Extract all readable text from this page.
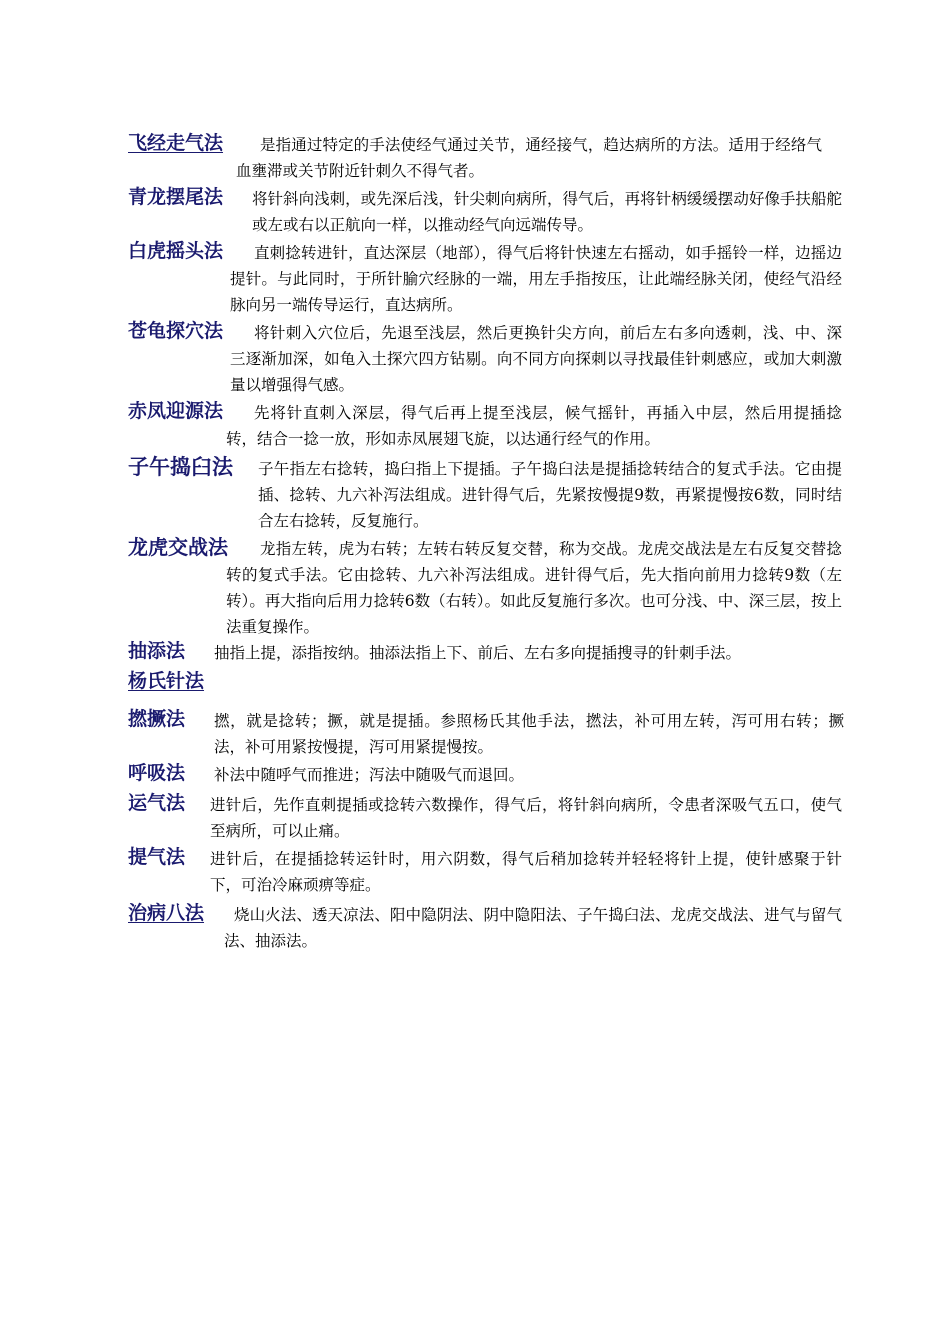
飞经走气法	是指通过特定的手法使经气通过关节，通经接气，趋达病所的方法。适用于经络气血壅滞或关节附近针刺久不得气者。
青龙摆尾法 将针斜向浅刺，或先深后浅，针尖刺向病所，得气后，再将针柄缓缓摆动好像手扶船舵或左或右以正航向一样，以推动经气向远端传导。
白虎摇头法	直刺捻转进针，直达深层（地部），得气后将针快速左右摇动，如手摇铃一样，边摇边提针。与此同时，于所针腧穴经脉的一端，用左手指按压，让此端经脉关闭，使经气沿经脉向另一端传导运行，直达病所。
苍龟探穴法	将针刺入穴位后，先退至浅层，然后更换针尖方向，前后左右多向透刺，浅、中、深三逐渐加深，如龟入土探穴四方钻剔。向不同方向探刺以寻找最佳针刺感应，或加大刺激量以增强得气感。
赤凤迎源法	先将针直刺入深层，得气后再上提至浅层，候气摇针，再插入中层，然后用提插捻转，结合一捻一放，形如赤凤展翅飞旋，以达通行经气的作用。
子午捣臼法 子午指左右捻转，捣臼指上下提插。子午捣臼法是提插捻转结合的复式手法。它由提插、捻转、九六补泻法组成。进针得气后，先紧按慢提9数，再紧提慢按6数，同时结合左右捻转，反复施行。
龙虎交战法	龙指左转，虎为右转；左转右转反复交替，称为交战。龙虎交战法是左右反复交替捻转的复式手法。它由捻转、九六补泻法组成。进针得气后，先大指向前用力捻转9数（左转）。再大指向后用力捻转6数（右转）。如此反复施行多次。也可分浅、中、深三层，按上法重复操作。
抽添法 抽指上提，添指按纳。抽添法指上下、前后、左右多向提插搜寻的针刺手法。
杨氏针法
撚撅法 撚，就是捻转；撅，就是提插。参照杨氏其他手法，撚法，补可用左转，泻可用右转；撅法，补可用紧按慢提，泻可用紧提慢按。
呼吸法 补法中随呼气而推进；泻法中随吸气而退回。
运气法 进针后，先作直刺提插或捻转六数操作，得气后，将针斜向病所，令患者深吸气五口，使气至病所，可以止痛。
提气法 进针后，在提插捻转运针时，用六阴数，得气后稍加捻转并轻轻将针上提，使针感聚于针下，可治冷麻顽痹等症。
治病八法	烧山火法、透天凉法、阳中隐阴法、阴中隐阳法、子午捣臼法、龙虎交战法、进气与留气法、抽添法。
